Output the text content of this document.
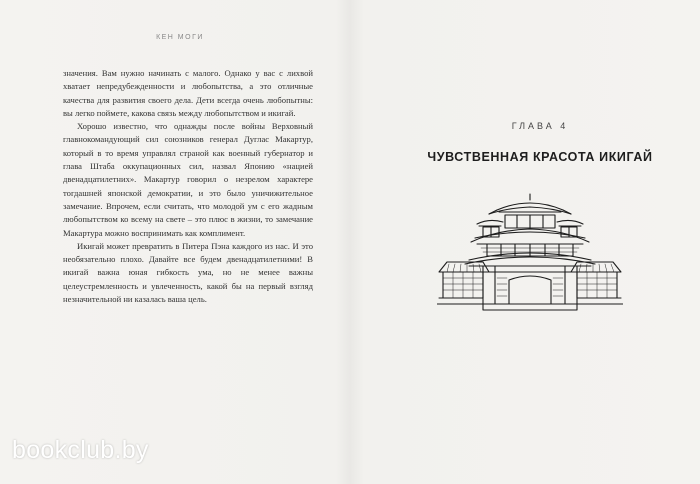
КЕН МОГИ

значения. Вам нужно начинать с малого. Однако у вас с лихвой хватает непредубежденности и любопытства, а это отличные качества для развития своего дела. Дети всегда очень любопытны: вы легко поймете, какова связь между любопытством и икигай.

Хорошо известно, что однажды после войны Верховный главнокомандующий сил союзников генерал Дуглас Макартур, который в то время управлял страной как военный губернатор и глава Штаба оккупационных сил, назвал Японию «нацией двенадцатилетних». Макартур говорил о незрелом характере тогдашней японской демократии, и это было уничижительное замечание. Впрочем, если считать, что молодой ум с его жадным любопытством ко всему на свете – это плюс в жизни, то замечание Макартура можно воспринимать как комплимент.

Икигай может превратить в Питера Пэна каждого из нас. И это необязательно плохо. Давайте все будем двенадцатилетними! В икигай важна юная гибкость ума, но не менее важны целеустремленность и увлеченность, какой бы на первый взгляд незначительной ни казалась ваша цель.

ГЛАВА 4
ЧУВСТВЕННАЯ КРАСОТА ИКИГАЙ
bookclub.by
